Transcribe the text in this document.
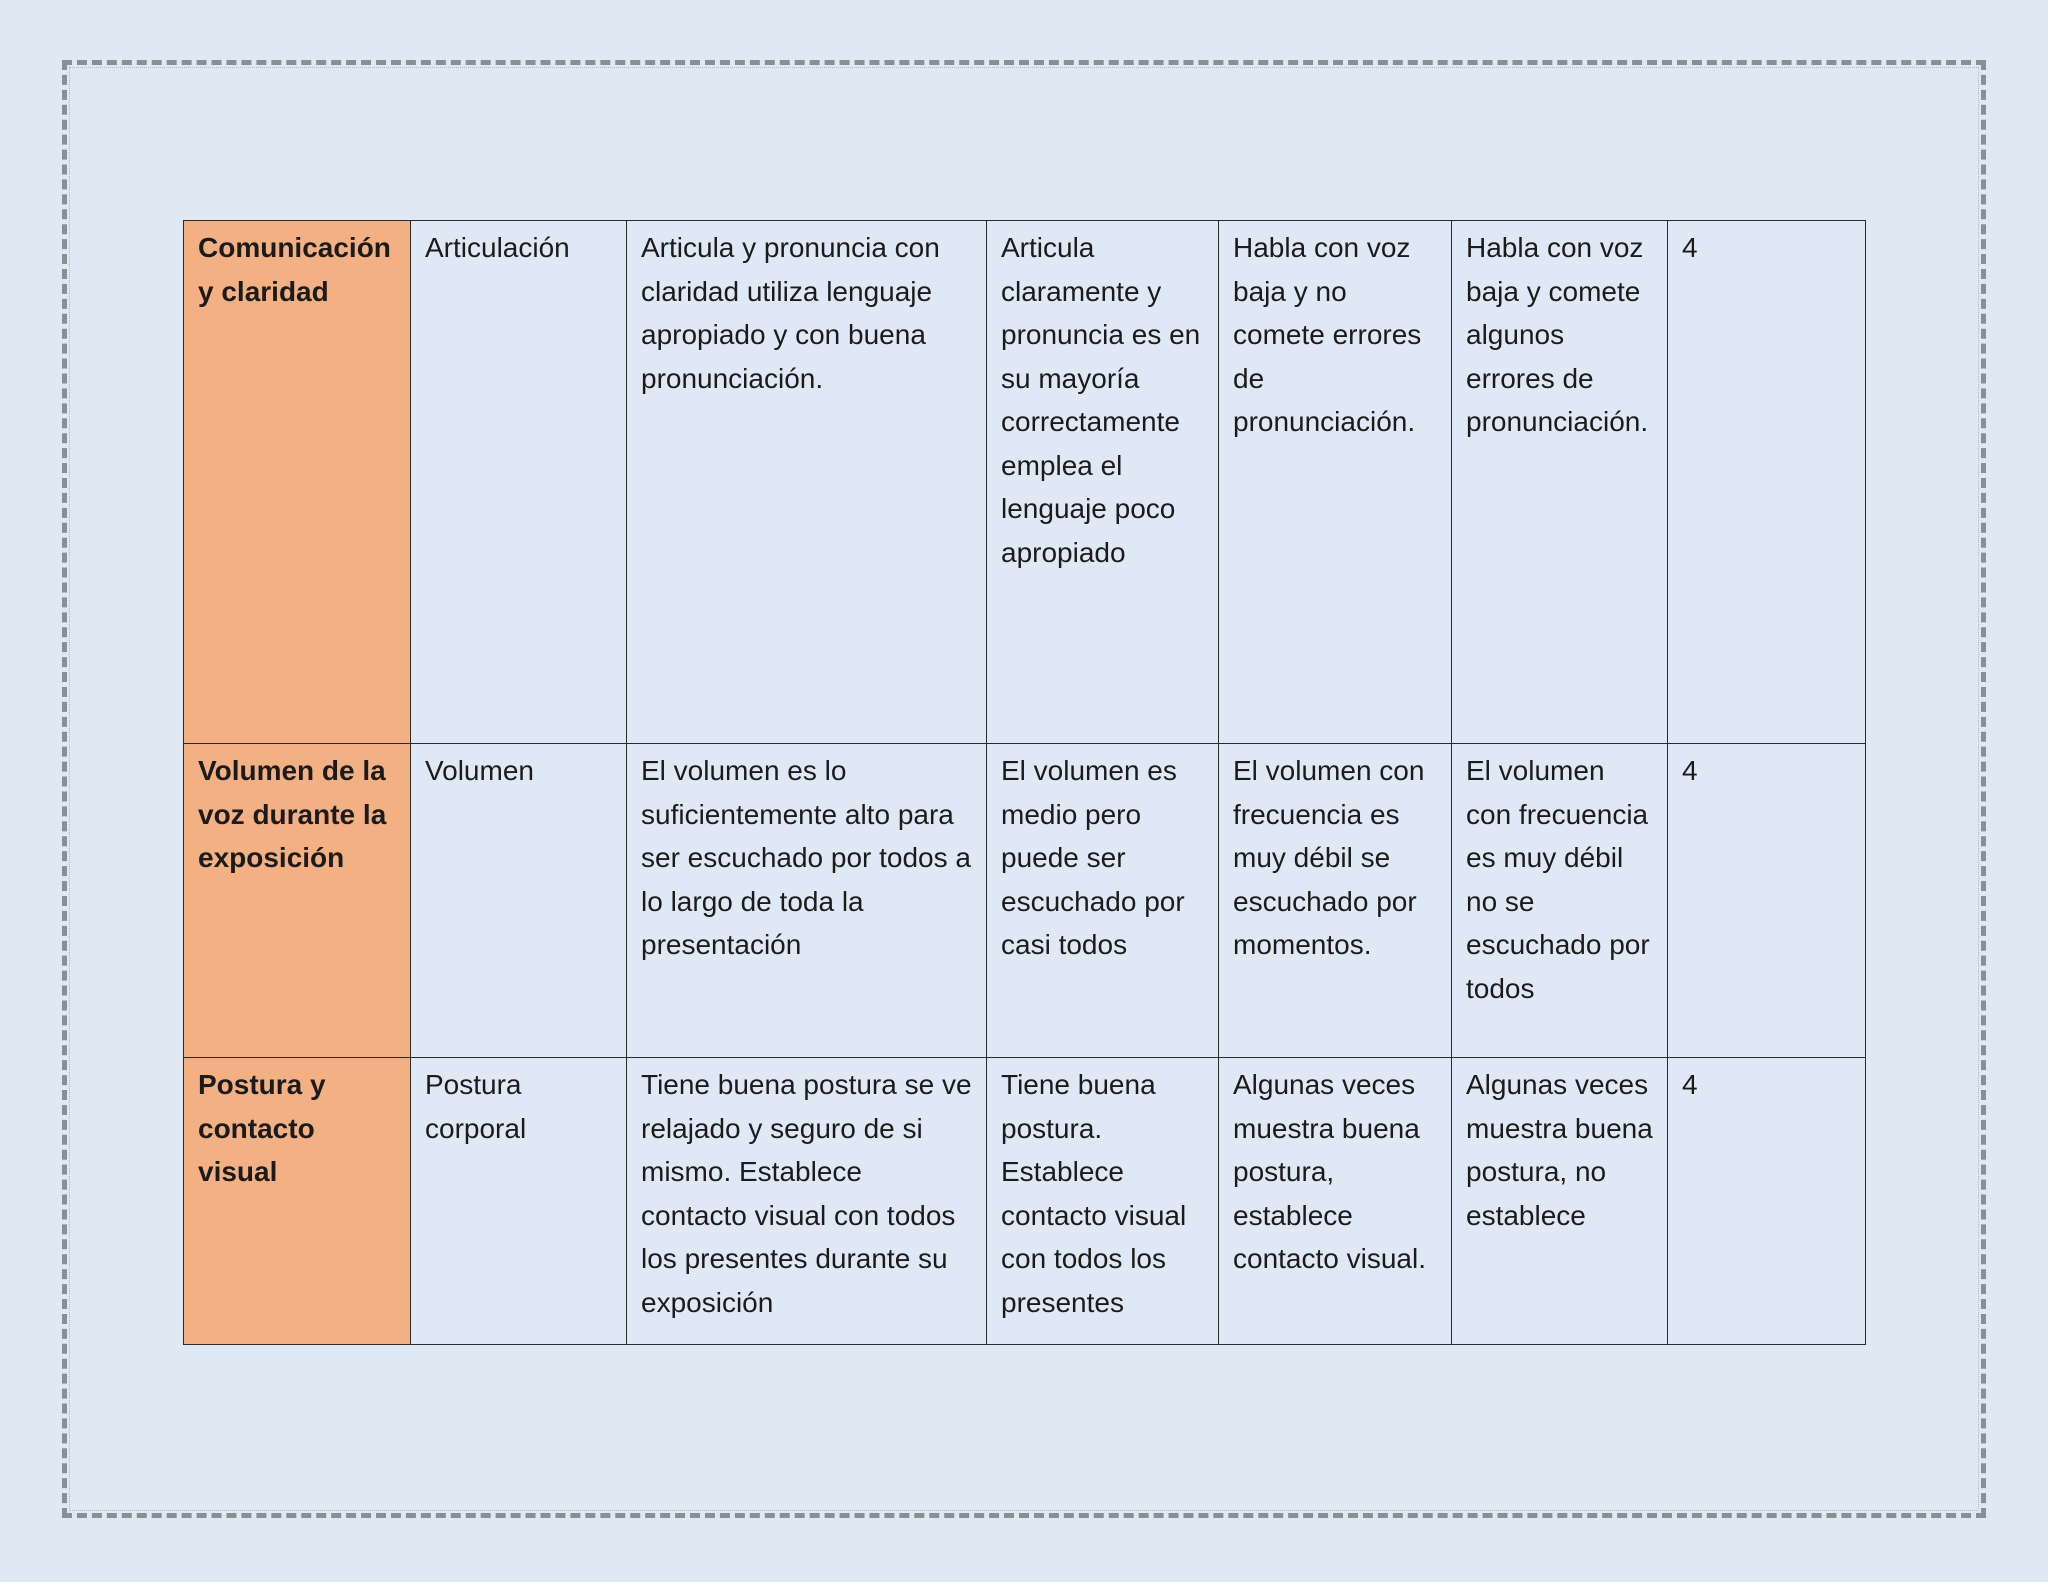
Comunicación y claridad	Articulación	Articula y pronuncia con claridad utiliza lenguaje apropiado y con buena pronunciación.	Articula claramente y pronuncia es en su mayoría correctamente emplea el lenguaje poco apropiado	Habla con voz baja y no comete errores de pronunciación.	Habla con voz baja y comete algunos errores de pronunciación.	4
Volumen de la voz durante la exposición	Volumen	El volumen es lo suficientemente alto para ser escuchado por todos a lo largo de toda la presentación	El volumen es medio pero puede ser escuchado por casi todos	El volumen con frecuencia es muy débil se escuchado por momentos.	El volumen con frecuencia es muy débil no se escuchado por todos	4
Postura y contacto visual	Postura corporal	Tiene buena postura se ve relajado y seguro de si mismo. Establece contacto visual con todos los presentes durante su exposición	Tiene buena postura. Establece contacto visual con todos los presentes	Algunas veces muestra buena postura, establece contacto visual.	Algunas veces muestra buena postura, no establece	4
